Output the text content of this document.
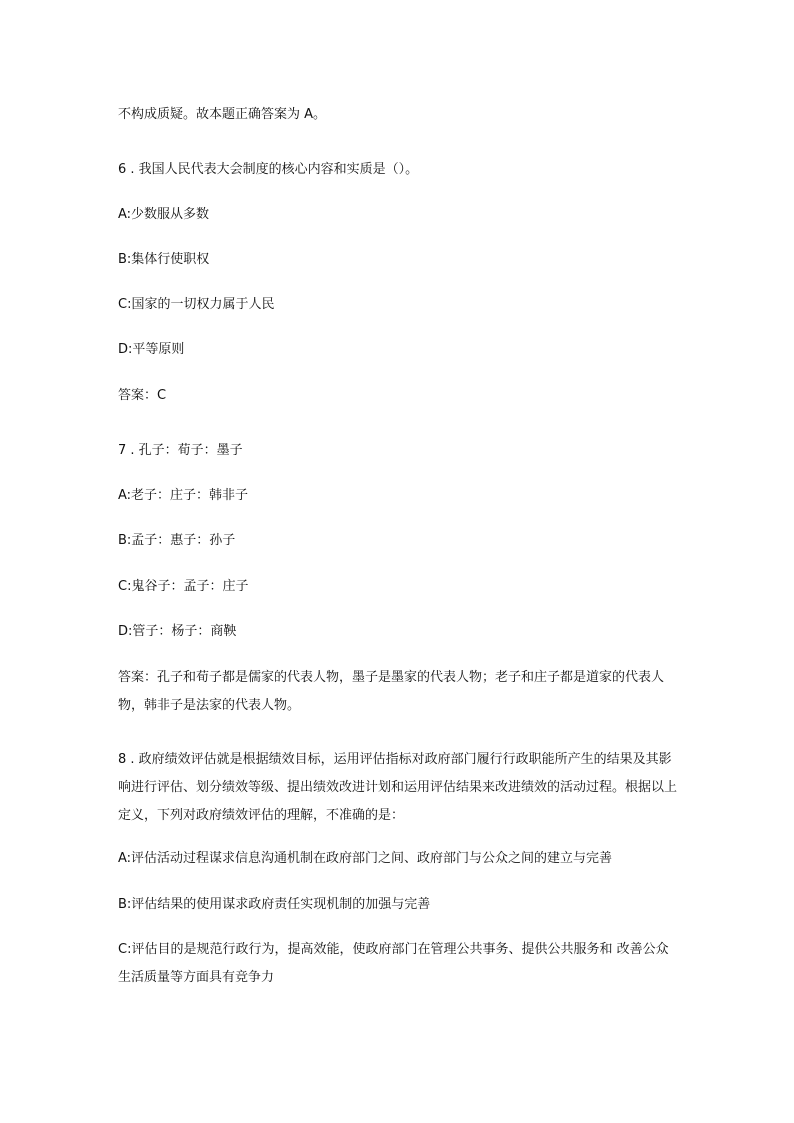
不构成质疑。故本题正确答案为 A。

6 . 我国人民代表大会制度的核心内容和实质是（）。

A:少数服从多数

B:集体行使职权

C:国家的一切权力属于人民

D:平等原则

答案：C

7 . 孔子：荀子：墨子

A:老子：庄子：韩非子

B:孟子：惠子：孙子

C:鬼谷子：孟子：庄子

D:管子：杨子：商鞅

答案：孔子和荀子都是儒家的代表人物，墨子是墨家的代表人物；老子和庄子都是道家的代表人物，韩非子是法家的代表人物。

8 . 政府绩效评估就是根据绩效目标，运用评估指标对政府部门履行行政职能所产生的结果及其影响进行评估、划分绩效等级、提出绩效改进计划和运用评估结果来改进绩效的活动过程。根据以上定义，下列对政府绩效评估的理解，不准确的是：

A:评估活动过程谋求信息沟通机制在政府部门之间、政府部门与公众之间的建立与完善

B:评估结果的使用谋求政府责任实现机制的加强与完善

C:评估目的是规范行政行为，提高效能，使政府部门在管理公共事务、提供公共服务和 改善公众生活质量等方面具有竞争力
